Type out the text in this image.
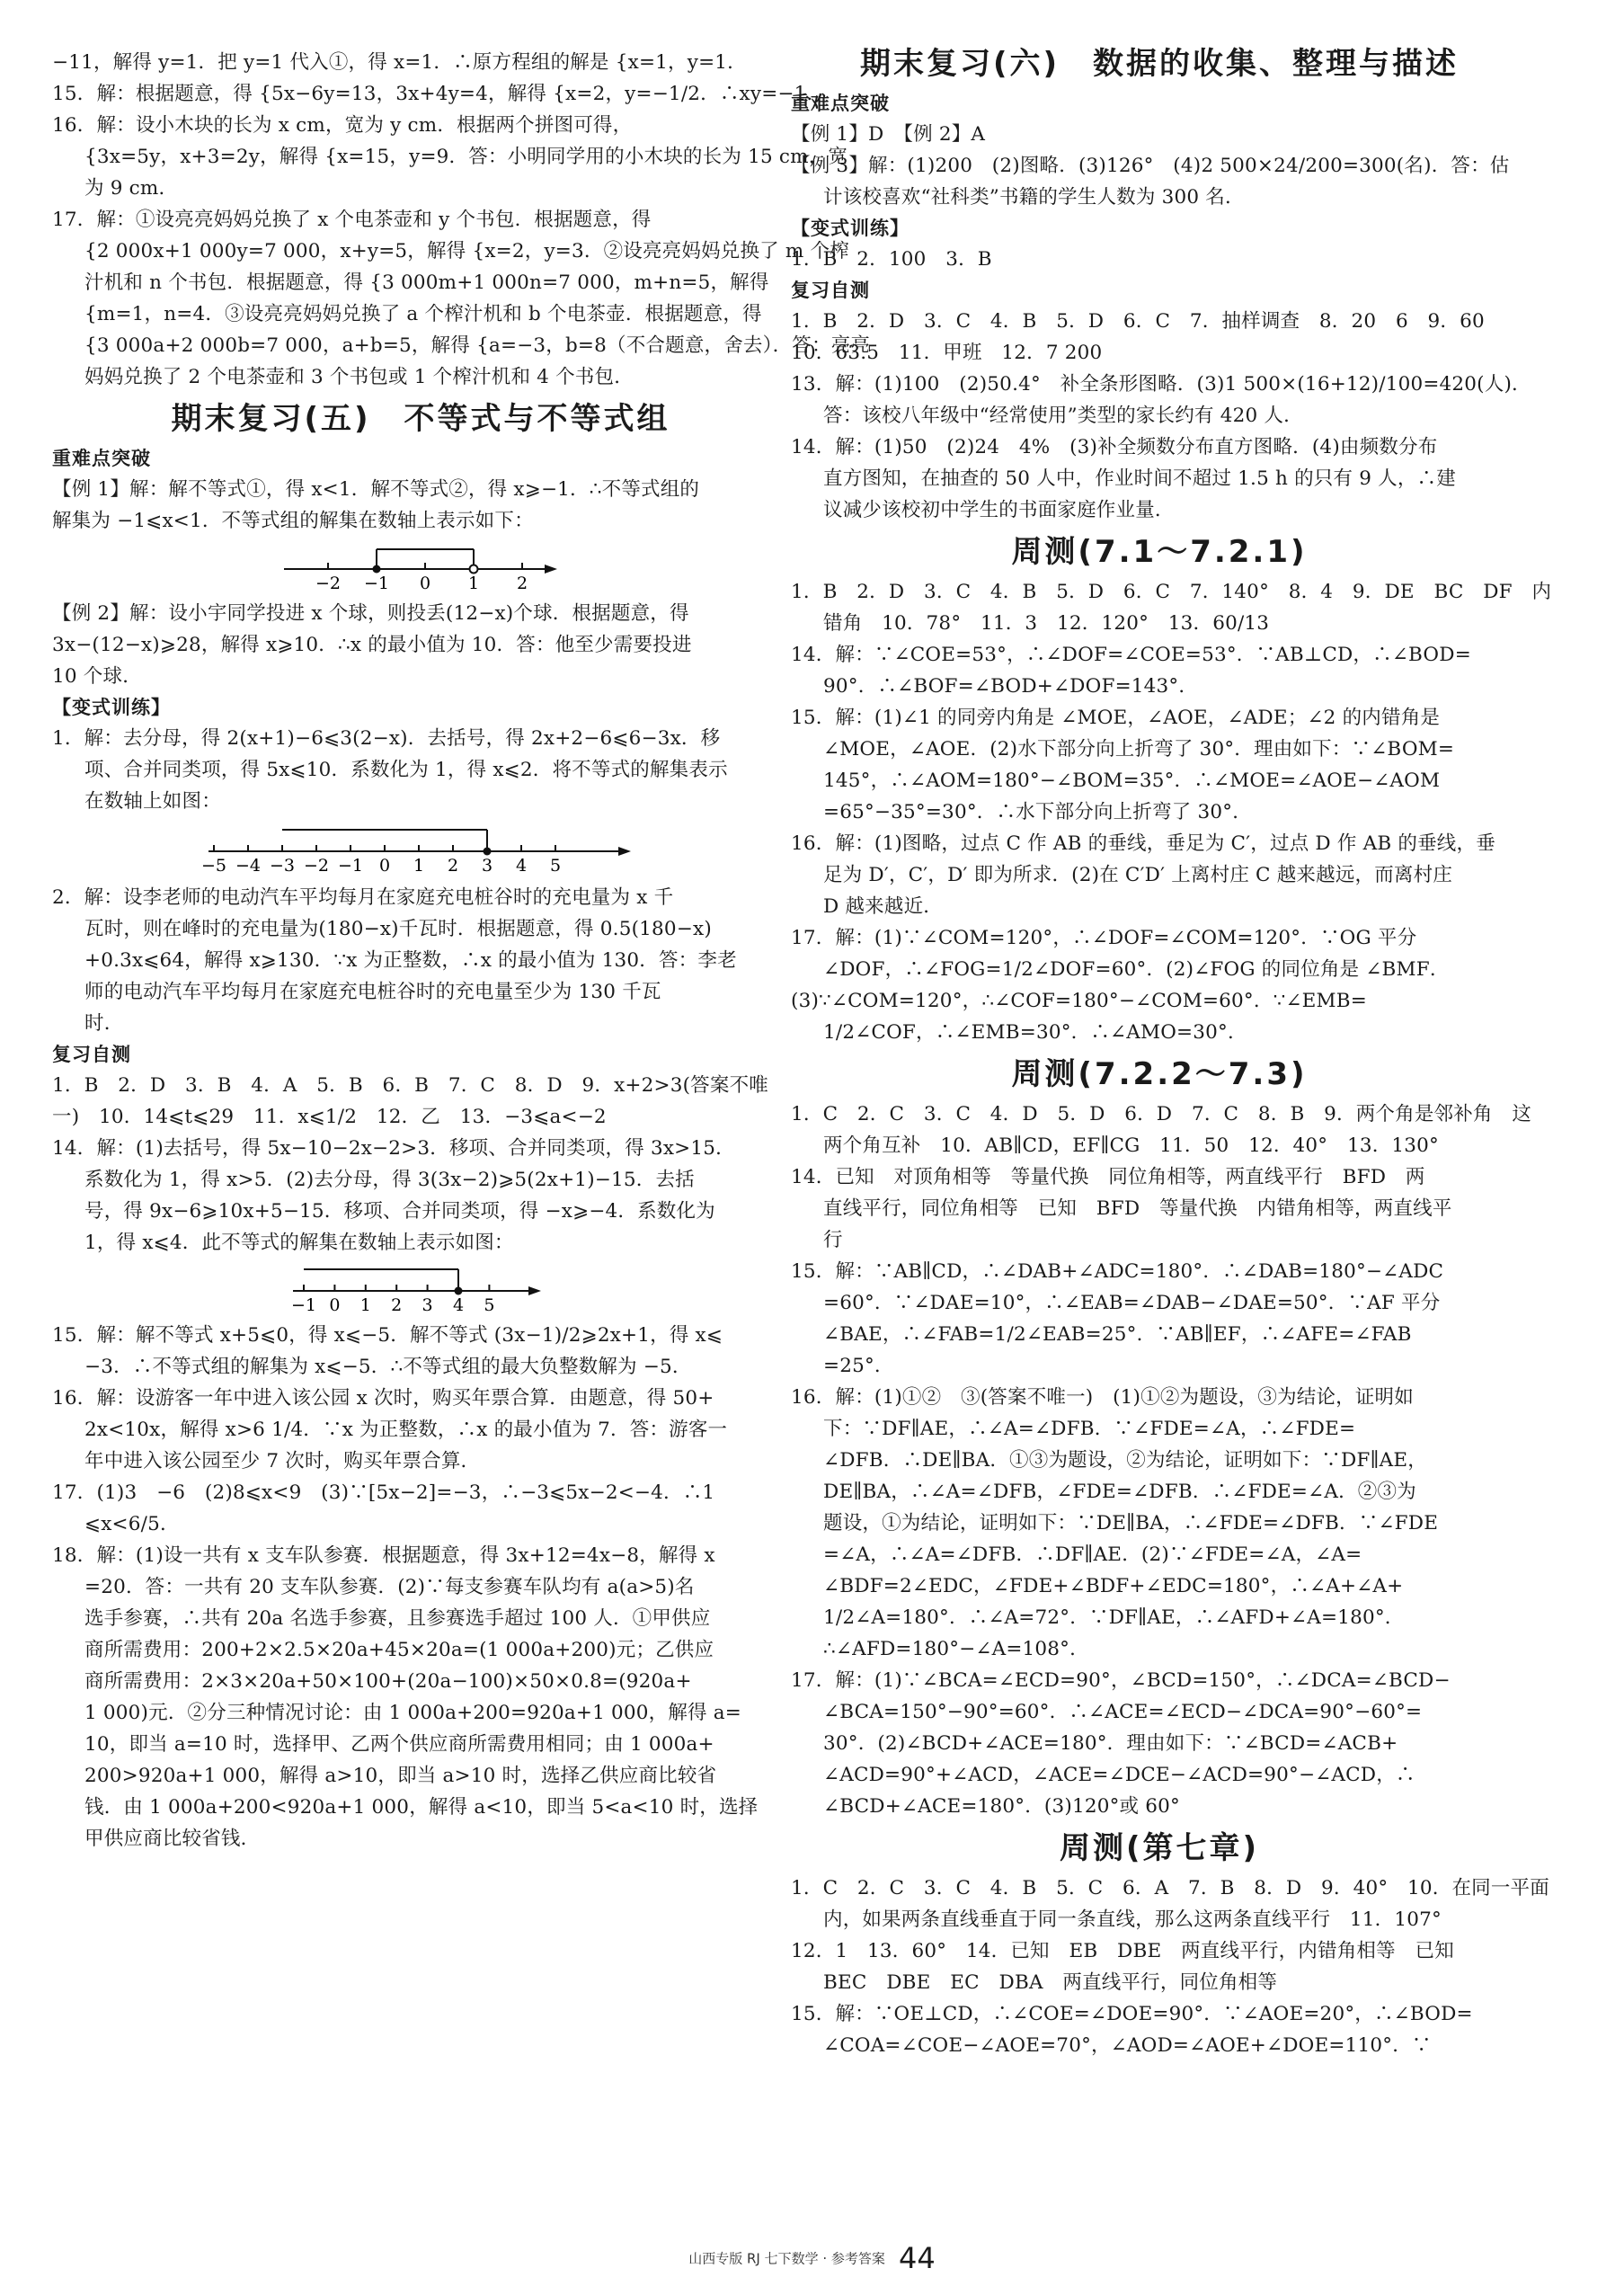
−11，解得 y=1．把 y=1 代入①，得 x=1．∴原方程组的解是 {x=1，y=1．
15．解：根据题意，得 {5x−6y=13，3x+4y=4，解得 {x=2，y=−1/2．∴xy=−1．
16．解：设小木块的长为 x cm，宽为 y cm．根据两个拼图可得，
{3x=5y，x+3=2y，解得 {x=15，y=9．答：小明同学用的小木块的长为 15 cm，宽
为 9 cm．
17．解：①设亮亮妈妈兑换了 x 个电茶壶和 y 个书包．根据题意，得
{2 000x+1 000y=7 000，x+y=5，解得 {x=2，y=3．②设亮亮妈妈兑换了 m 个榨
汁机和 n 个书包．根据题意，得 {3 000m+1 000n=7 000，m+n=5，解得
{m=1，n=4．③设亮亮妈妈兑换了 a 个榨汁机和 b 个电茶壶．根据题意，得
{3 000a+2 000b=7 000，a+b=5，解得 {a=−3，b=8（不合题意，舍去）．答：亮亮
妈妈兑换了 2 个电茶壶和 3 个书包或 1 个榨汁机和 4 个书包．
期末复习(五)　不等式与不等式组
重难点突破
【例 1】解：解不等式①，得 x<1．解不等式②，得 x⩾−1．∴不等式组的
解集为 −1⩽x<1．不等式组的解集在数轴上表示如下：
−2 −1 0 1 2
【例 2】解：设小宇同学投进 x 个球，则投丢(12−x)个球．根据题意，得
3x−(12−x)⩾28，解得 x⩾10．∴x 的最小值为 10．答：他至少需要投进
10 个球．
【变式训练】
1．解：去分母，得 2(x+1)−6⩽3(2−x)．去括号，得 2x+2−6⩽6−3x．移
项、合并同类项，得 5x⩽10．系数化为 1，得 x⩽2．将不等式的解集表示
在数轴上如图：
−5 −4 −3 −2 −1 0 1 2 3 4 5
2．解：设李老师的电动汽车平均每月在家庭充电桩谷时的充电量为 x 千
瓦时，则在峰时的充电量为(180−x)千瓦时．根据题意，得 0.5(180−x)
+0.3x⩽64，解得 x⩾130．∵x 为正整数，∴x 的最小值为 130．答：李老
师的电动汽车平均每月在家庭充电桩谷时的充电量至少为 130 千瓦
时．
复习自测
1．B　2．D　3．B　4．A　5．B　6．B　7．C　8．D　9．x+2>3(答案不唯
一)　10．14⩽t⩽29　11．x⩽1/2　12．乙　13．−3⩽a<−2
14．解：(1)去括号，得 5x−10−2x−2>3．移项、合并同类项，得 3x>15．
系数化为 1，得 x>5．(2)去分母，得 3(3x−2)⩾5(2x+1)−15．去括
号，得 9x−6⩾10x+5−15．移项、合并同类项，得 −x⩾−4．系数化为
1，得 x⩽4．此不等式的解集在数轴上表示如图：
−1 0 1 2 3 4 5
15．解：解不等式 x+5⩽0，得 x⩽−5．解不等式 (3x−1)/2⩾2x+1，得 x⩽
−3．∴不等式组的解集为 x⩽−5．∴不等式组的最大负整数解为 −5．
16．解：设游客一年中进入该公园 x 次时，购买年票合算．由题意，得 50+
2x<10x，解得 x>6 1/4．∵x 为正整数，∴x 的最小值为 7．答：游客一
年中进入该公园至少 7 次时，购买年票合算．
17．(1)3　−6　(2)8⩽x<9　(3)∵[5x−2]=−3，∴−3⩽5x−2<−4．∴1
⩽x<6/5．
18．解：(1)设一共有 x 支车队参赛．根据题意，得 3x+12=4x−8，解得 x
=20．答：一共有 20 支车队参赛．(2)∵每支参赛车队均有 a(a>5)名
选手参赛，∴共有 20a 名选手参赛，且参赛选手超过 100 人．①甲供应
商所需费用：200+2×2.5×20a+45×20a=(1 000a+200)元；乙供应
商所需费用：2×3×20a+50×100+(20a−100)×50×0.8=(920a+
1 000)元．②分三种情况讨论：由 1 000a+200=920a+1 000，解得 a=
10，即当 a=10 时，选择甲、乙两个供应商所需费用相同；由 1 000a+
200>920a+1 000，解得 a>10，即当 a>10 时，选择乙供应商比较省
钱．由 1 000a+200<920a+1 000，解得 a<10，即当 5<a<10 时，选择
甲供应商比较省钱．
期末复习(六)　数据的收集、整理与描述
重难点突破
【例 1】D　【例 2】A
【例 3】解：(1)200　(2)图略．(3)126°　(4)2 500×24/200=300(名)．答：估
计该校喜欢“社科类”书籍的学生人数为 300 名．
【变式训练】
1．B　2．100　3．B
复习自测
1．B　2．D　3．C　4．B　5．D　6．C　7．抽样调查　8．20　6　9．60
10．63.5　11．甲班　12．7 200
13．解：(1)100　(2)50.4°　补全条形图略．(3)1 500×(16+12)/100=420(人)．
答：该校八年级中“经常使用”类型的家长约有 420 人．
14．解：(1)50　(2)24　4%　(3)补全频数分布直方图略．(4)由频数分布
直方图知，在抽查的 50 人中，作业时间不超过 1.5 h 的只有 9 人，∴建
议减少该校初中学生的书面家庭作业量．
周测(7.1～7.2.1)
1．B　2．D　3．C　4．B　5．D　6．C　7．140°　8．4　9．DE　BC　DF　内
错角　10．78°　11．3　12．120°　13．60/13
14．解：∵∠COE=53°，∴∠DOF=∠COE=53°．∵AB⊥CD，∴∠BOD=
90°．∴∠BOF=∠BOD+∠DOF=143°．
15．解：(1)∠1 的同旁内角是 ∠MOE，∠AOE，∠ADE；∠2 的内错角是
∠MOE，∠AOE．(2)水下部分向上折弯了 30°．理由如下：∵∠BOM=
145°，∴∠AOM=180°−∠BOM=35°．∴∠MOE=∠AOE−∠AOM
=65°−35°=30°．∴水下部分向上折弯了 30°．
16．解：(1)图略，过点 C 作 AB 的垂线，垂足为 C′，过点 D 作 AB 的垂线，垂
足为 D′，C′，D′ 即为所求．(2)在 C′D′ 上离村庄 C 越来越远，而离村庄
D 越来越近．
17．解：(1)∵∠COM=120°，∴∠DOF=∠COM=120°．∵OG 平分
∠DOF，∴∠FOG=1/2∠DOF=60°．(2)∠FOG 的同位角是 ∠BMF．
(3)∵∠COM=120°，∴∠COF=180°−∠COM=60°．∵∠EMB=
1/2∠COF，∴∠EMB=30°．∴∠AMO=30°．
周测(7.2.2～7.3)
1．C　2．C　3．C　4．D　5．D　6．D　7．C　8．B　9．两个角是邻补角　这
两个角互补　10．AB∥CD，EF∥CG　11．50　12．40°　13．130°
14．已知　对顶角相等　等量代换　同位角相等，两直线平行　BFD　两
直线平行，同位角相等　已知　BFD　等量代换　内错角相等，两直线平
行
15．解：∵AB∥CD，∴∠DAB+∠ADC=180°．∴∠DAB=180°−∠ADC
=60°．∵∠DAE=10°，∴∠EAB=∠DAB−∠DAE=50°．∵AF 平分
∠BAE，∴∠FAB=1/2∠EAB=25°．∵AB∥EF，∴∠AFE=∠FAB
=25°．
16．解：(1)①②　③(答案不唯一)　(1)①②为题设，③为结论，证明如
下：∵DF∥AE，∴∠A=∠DFB．∵∠FDE=∠A，∴∠FDE=
∠DFB．∴DE∥BA．①③为题设，②为结论，证明如下：∵DF∥AE，
DE∥BA，∴∠A=∠DFB，∠FDE=∠DFB．∴∠FDE=∠A．②③为
题设，①为结论，证明如下：∵DE∥BA，∴∠FDE=∠DFB．∵∠FDE
=∠A，∴∠A=∠DFB．∴DF∥AE．(2)∵∠FDE=∠A，∠A=
∠BDF=2∠EDC，∠FDE+∠BDF+∠EDC=180°，∴∠A+∠A+
1/2∠A=180°．∴∠A=72°．∵DF∥AE，∴∠AFD+∠A=180°．
∴∠AFD=180°−∠A=108°．
17．解：(1)∵∠BCA=∠ECD=90°，∠BCD=150°，∴∠DCA=∠BCD−
∠BCA=150°−90°=60°．∴∠ACE=∠ECD−∠DCA=90°−60°=
30°．(2)∠BCD+∠ACE=180°．理由如下：∵∠BCD=∠ACB+
∠ACD=90°+∠ACD，∠ACE=∠DCE−∠ACD=90°−∠ACD，∴
∠BCD+∠ACE=180°．(3)120°或 60°
周测(第七章)
1．C　2．C　3．C　4．B　5．C　6．A　7．B　8．D　9．40°　10．在同一平面
内，如果两条直线垂直于同一条直线，那么这两条直线平行　11．107°
12．1　13．60°　14．已知　EB　DBE　两直线平行，内错角相等　已知
BEC　DBE　EC　DBA　两直线平行，同位角相等
15．解：∵OE⊥CD，∴∠COE=∠DOE=90°．∵∠AOE=20°，∴∠BOD=
∠COA=∠COE−∠AOE=70°，∠AOD=∠AOE+∠DOE=110°．∵
山西专版 RJ 七下数学 · 参考答案 44
